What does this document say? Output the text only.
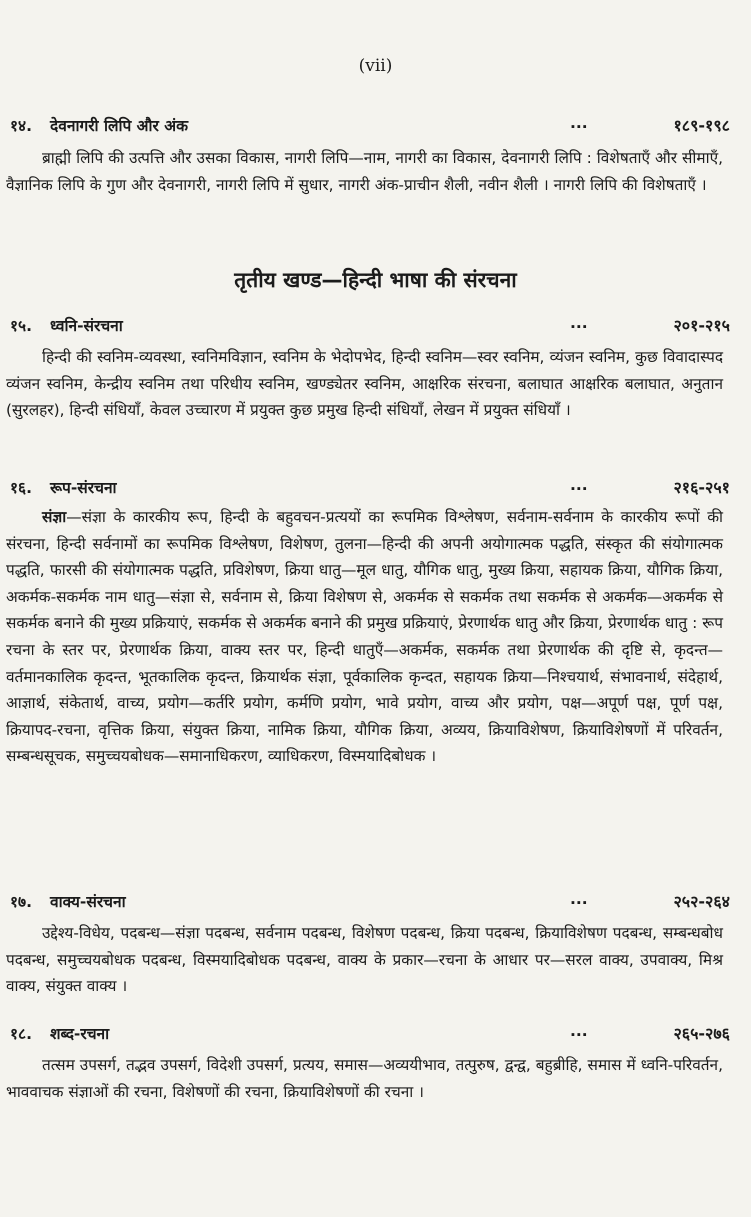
(vii)
१४. देवनागरी लिपि और अंक	...	१८९-१९८
ब्राह्मी लिपि की उत्पत्ति और उसका विकास, नागरी लिपि—नाम, नागरी का विकास, देवनागरी लिपि : विशेषताएँ और सीमाएँ, वैज्ञानिक लिपि के गुण और देवनागरी, नागरी लिपि में सुधार, नागरी अंक-प्राचीन शैली, नवीन शैली । नागरी लिपि की विशेषताएँ ।
तृतीय खण्ड—हिन्दी भाषा की संरचना
१५. ध्वनि-संरचना	...	२०१-२१५
हिन्दी की स्वनिम-व्यवस्था, स्वनिमविज्ञान, स्वनिम के भेदोपभेद, हिन्दी स्वनिम—स्वर स्वनिम, व्यंजन स्वनिम, कुछ विवादास्पद व्यंजन स्वनिम, केन्द्रीय स्वनिम तथा परिधीय स्वनिम, खण्ड्येतर स्वनिम, आक्षरिक संरचना, बलाघात आक्षरिक बलाघात, अनुतान (सुरलहर), हिन्दी संधियाँ, केवल उच्चारण में प्रयुक्त कुछ प्रमुख हिन्दी संधियाँ, लेखन में प्रयुक्त संधियाँ ।
१६. रूप-संरचना	...	२१६-२५१
संज्ञा—संज्ञा के कारकीय रूप, हिन्दी के बहुवचन-प्रत्ययों का रूपमिक विश्लेषण, सर्वनाम-सर्वनाम के कारकीय रूपों की संरचना, हिन्दी सर्वनामों का रूपमिक विश्लेषण, विशेषण, तुलना—हिन्दी की अपनी अयोगात्मक पद्धति, संस्कृत की संयोगात्मक पद्धति, फारसी की संयोगात्मक पद्धति, प्रविशेषण, क्रिया धातु—मूल धातु, यौगिक धातु, मुख्य क्रिया, सहायक क्रिया, यौगिक क्रिया, अकर्मक-सकर्मक नाम धातु—संज्ञा से, सर्वनाम से, क्रिया विशेषण से, अकर्मक से सकर्मक तथा सकर्मक से अकर्मक—अकर्मक से सकर्मक बनाने की मुख्य प्रक्रियाएं, सकर्मक से अकर्मक बनाने की प्रमुख प्रक्रियाएं, प्रेरणार्थक धातु और क्रिया, प्रेरणार्थक धातु : रूप रचना के स्तर पर, प्रेरणार्थक क्रिया, वाक्य स्तर पर, हिन्दी धातुएँ—अकर्मक, सकर्मक तथा प्रेरणार्थक की दृष्टि से, कृदन्त—वर्तमानकालिक कृदन्त, भूतकालिक कृदन्त, क्रियार्थक संज्ञा, पूर्वकालिक कृन्दत, सहायक क्रिया—निश्चयार्थ, संभावनार्थ, संदेहार्थ, आज्ञार्थ, संकेतार्थ, वाच्य, प्रयोग—कर्तरि प्रयोग, कर्मणि प्रयोग, भावे प्रयोग, वाच्य और प्रयोग, पक्ष—अपूर्ण पक्ष, पूर्ण पक्ष, क्रियापद-रचना, वृत्तिक क्रिया, संयुक्त क्रिया, नामिक क्रिया, यौगिक क्रिया, अव्यय, क्रियाविशेषण, क्रियाविशेषणों में परिवर्तन, सम्बन्धसूचक, समुच्चयबोधक—समानाधिकरण, व्याधिकरण, विस्मयादिबोधक ।
१७. वाक्य-संरचना	...	२५२-२६४
उद्देश्य-विधेय, पदबन्ध—संज्ञा पदबन्ध, सर्वनाम पदबन्ध, विशेषण पदबन्ध, क्रिया पदबन्ध, क्रियाविशेषण पदबन्ध, सम्बन्धबोध पदबन्ध, समुच्चयबोधक पदबन्ध, विस्मयादिबोधक पदबन्ध, वाक्य के प्रकार—रचना के आधार पर—सरल वाक्य, उपवाक्य, मिश्र वाक्य, संयुक्त वाक्य ।
१८. शब्द-रचना	...	२६५-२७६
तत्सम उपसर्ग, तद्भव उपसर्ग, विदेशी उपसर्ग, प्रत्यय, समास—अव्ययीभाव, तत्पुरुष, द्वन्द्व, बहुब्रीहि, समास में ध्वनि-परिवर्तन, भाववाचक संज्ञाओं की रचना, विशेषणों की रचना, क्रियाविशेषणों की रचना ।
